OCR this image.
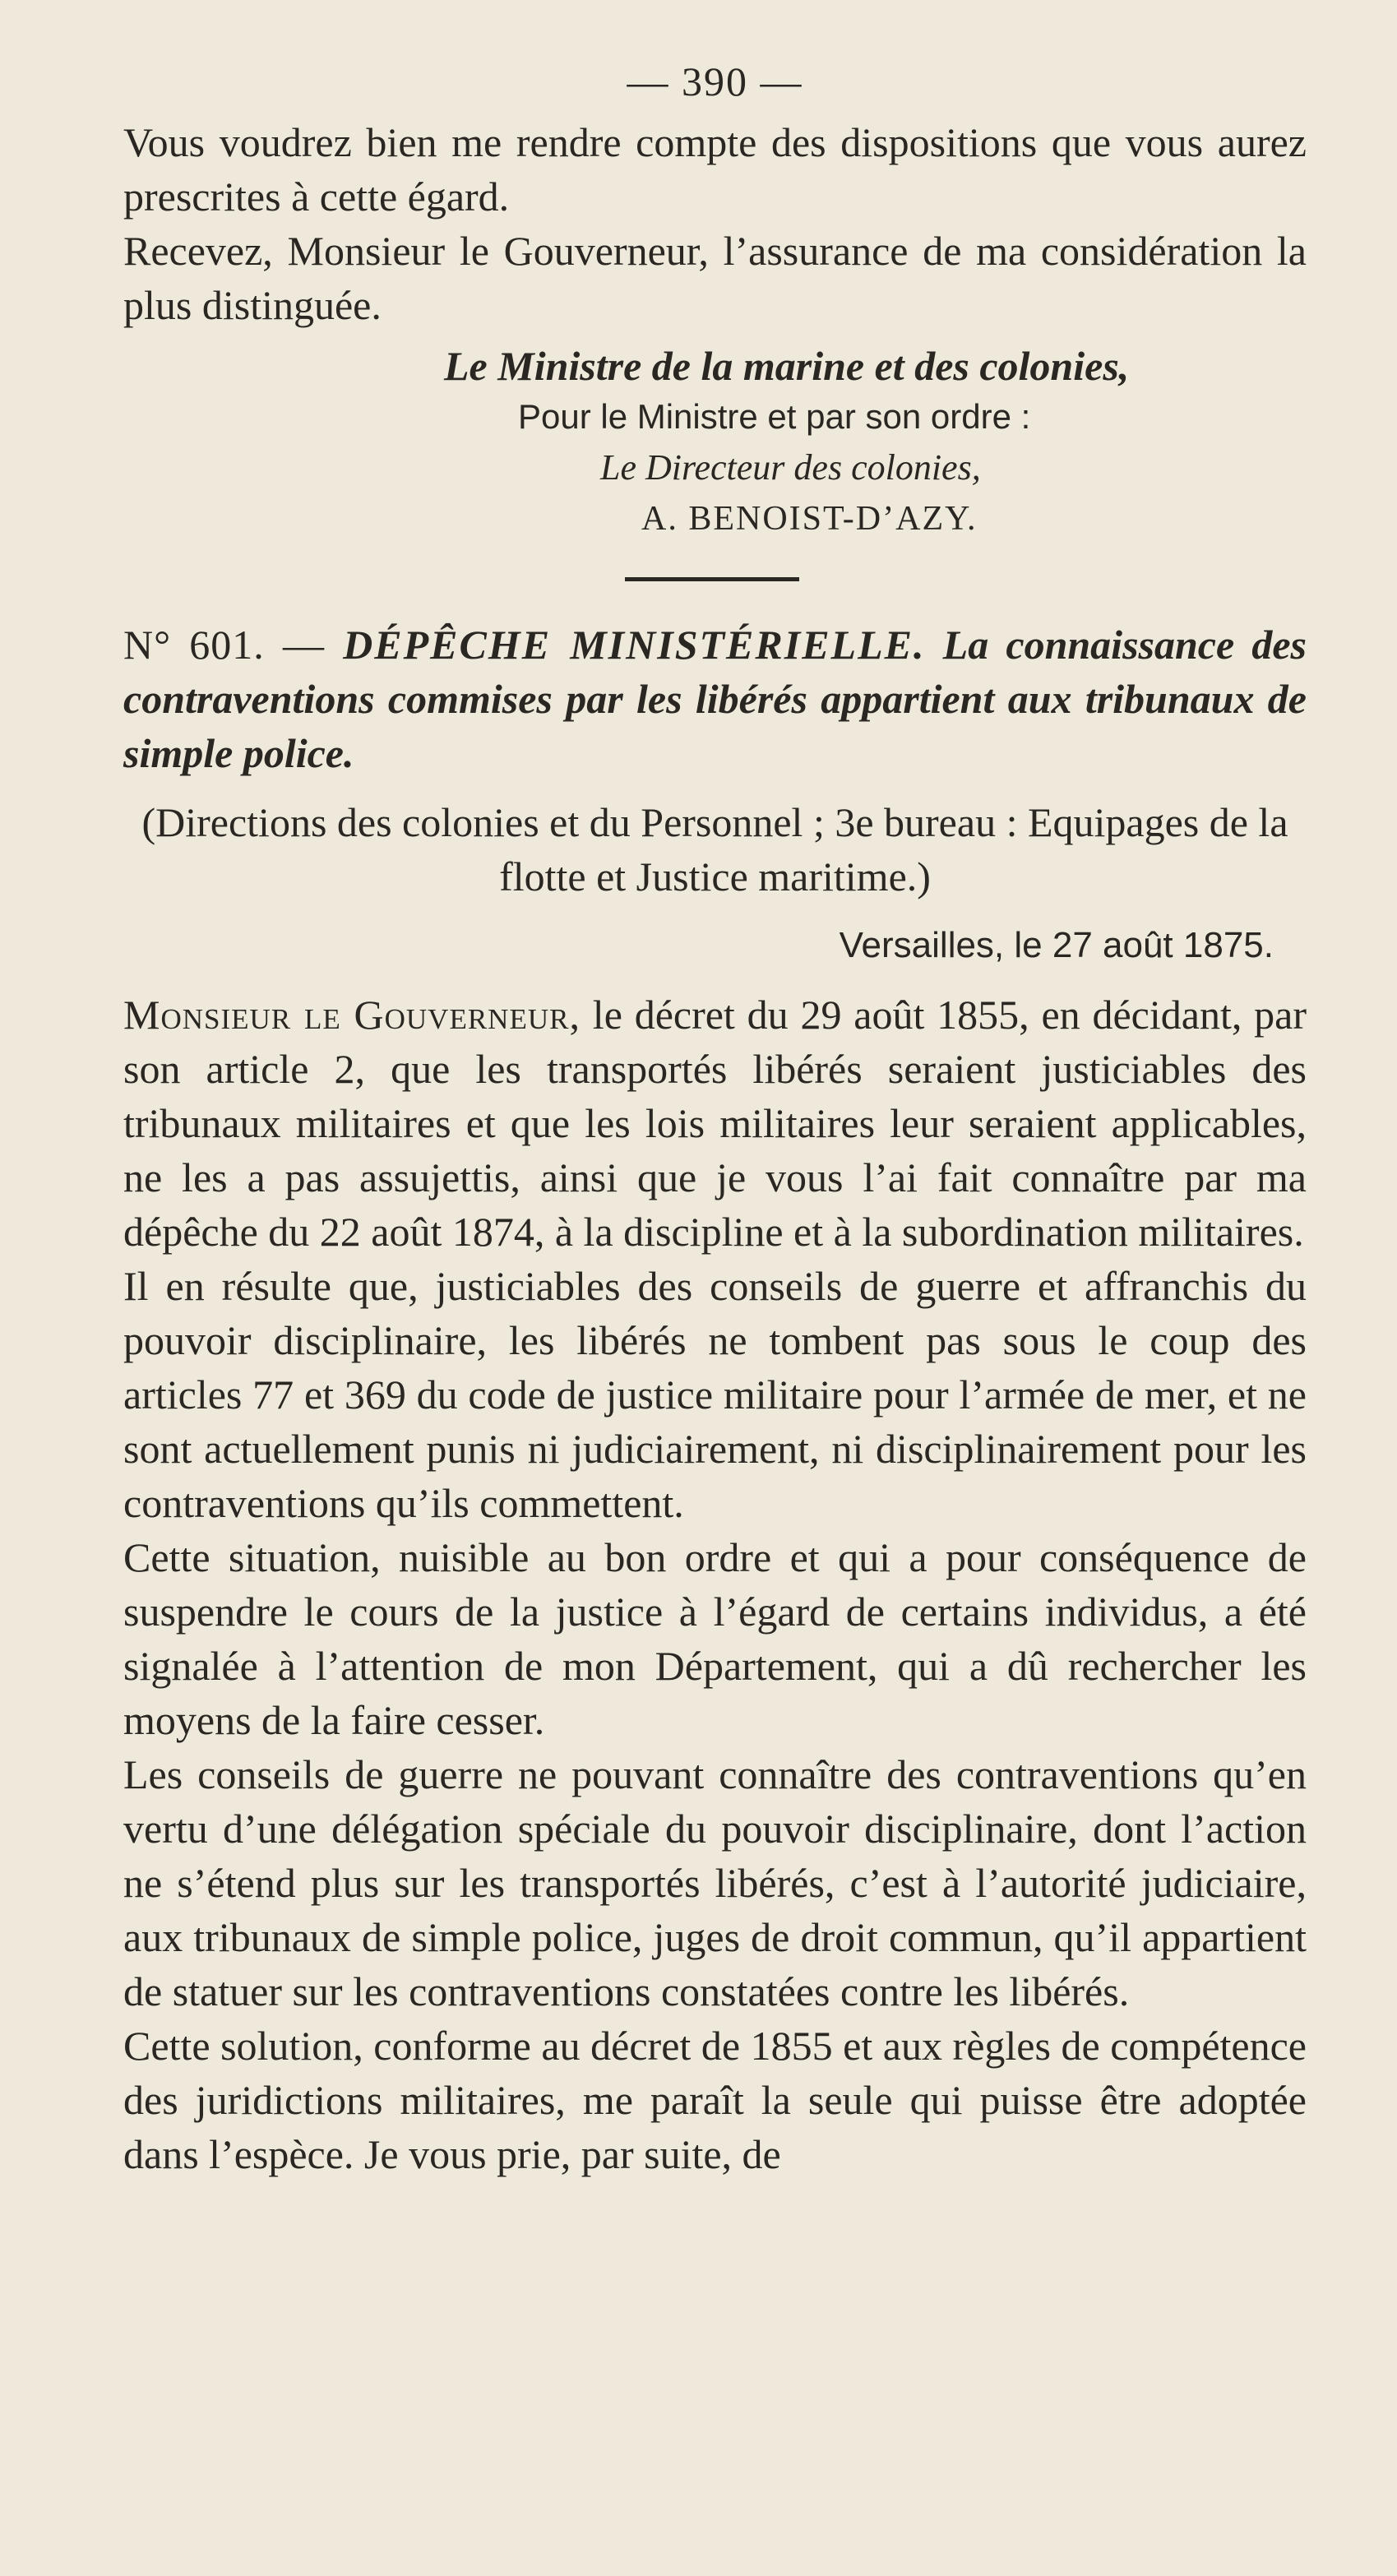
— 390 —

Vous voudrez bien me rendre compte des dispositions que vous aurez prescrites à cette égard.

Recevez, Monsieur le Gouverneur, l’assurance de ma considération la plus distinguée.

Le Ministre de la marine et des colonies,
Pour le Ministre et par son ordre :
Le Directeur des colonies,
A. BENOIST-D’AZY.

N° 601. — DÉPÊCHE MINISTÉRIELLE. La connaissance des contraventions commises par les libérés appartient aux tribunaux de simple police.

(Directions des colonies et du Personnel ; 3e bureau : Equipages de la flotte et Justice maritime.)
Versailles, le 27 août 1875.

Monsieur le Gouverneur, le décret du 29 août 1855, en décidant, par son article 2, que les transportés libérés seraient justiciables des tribunaux militaires et que les lois militaires leur seraient applicables, ne les a pas assujettis, ainsi que je vous l’ai fait connaître par ma dépêche du 22 août 1874, à la discipline et à la subordination militaires.

Il en résulte que, justiciables des conseils de guerre et affranchis du pouvoir disciplinaire, les libérés ne tombent pas sous le coup des articles 77 et 369 du code de justice militaire pour l’armée de mer, et ne sont actuellement punis ni judiciairement, ni disciplinairement pour les contraventions qu’ils commettent.

Cette situation, nuisible au bon ordre et qui a pour conséquence de suspendre le cours de la justice à l’égard de certains individus, a été signalée à l’attention de mon Département, qui a dû rechercher les moyens de la faire cesser.

Les conseils de guerre ne pouvant connaître des contraventions qu’en vertu d’une délégation spéciale du pouvoir disciplinaire, dont l’action ne s’étend plus sur les transportés libérés, c’est à l’autorité judiciaire, aux tribunaux de simple police, juges de droit commun, qu’il appartient de statuer sur les contraventions constatées contre les libérés.

Cette solution, conforme au décret de 1855 et aux règles de compétence des juridictions militaires, me paraît la seule qui puisse être adoptée dans l’espèce. Je vous prie, par suite, de
